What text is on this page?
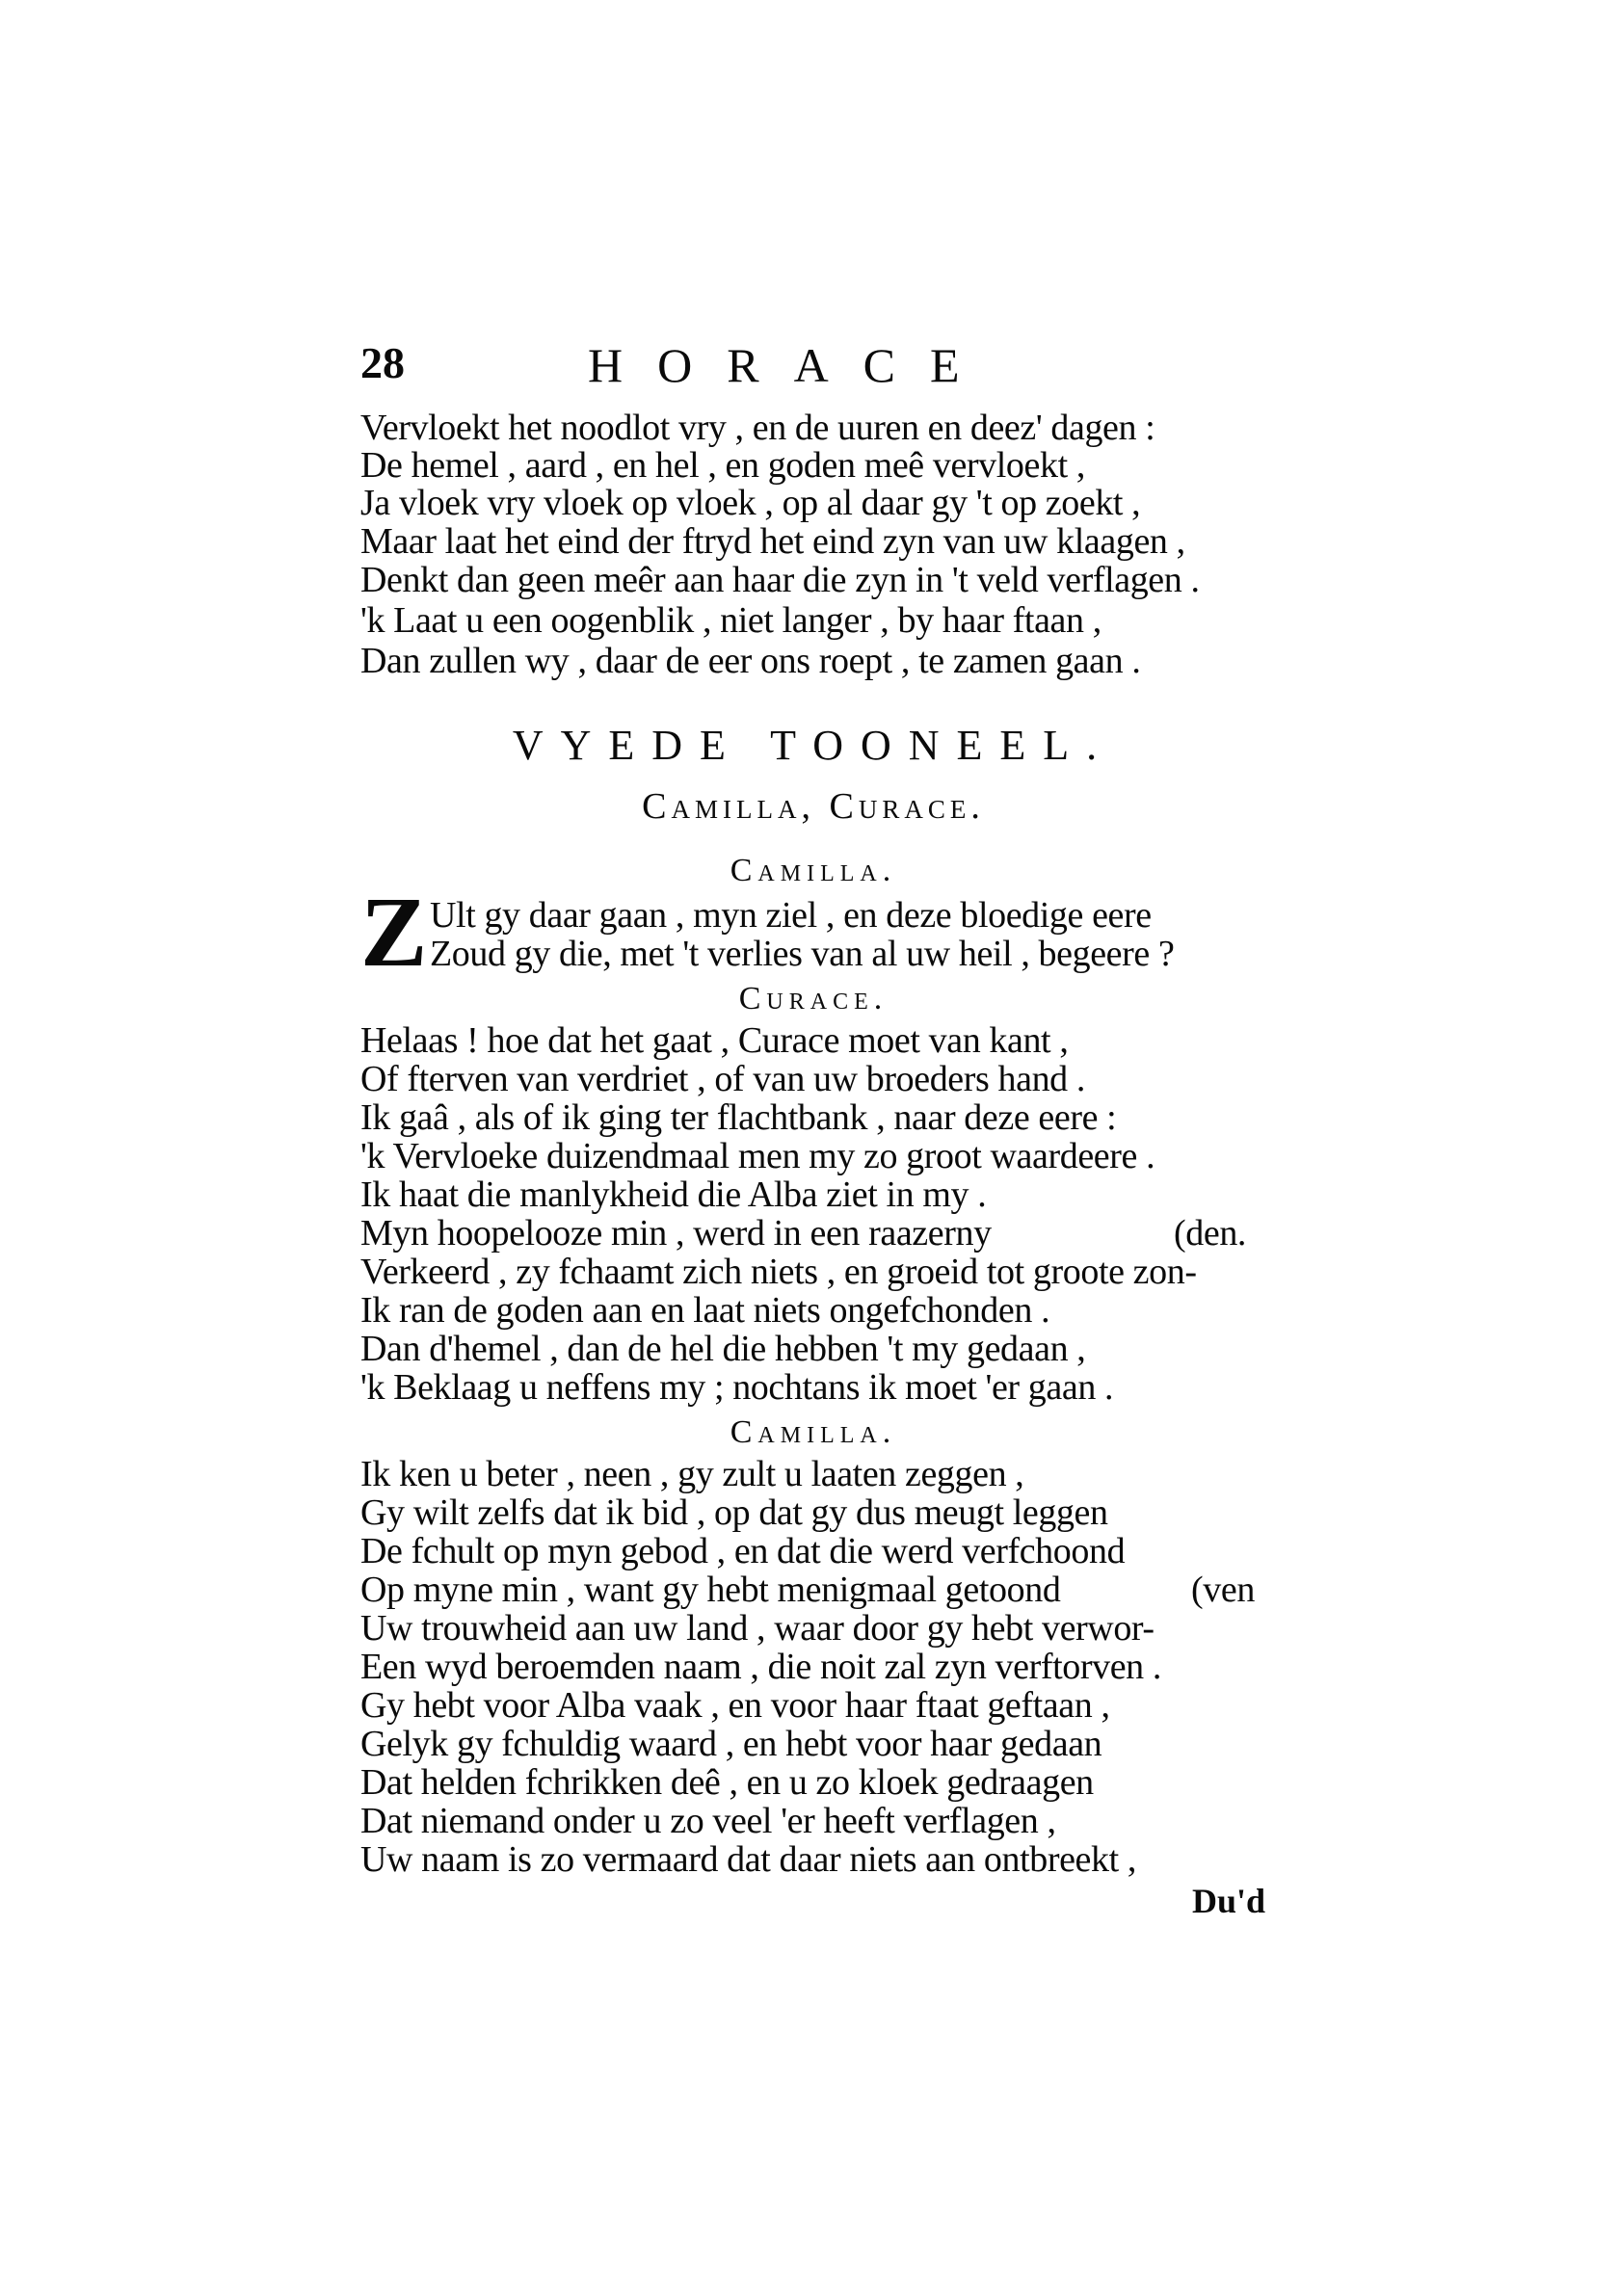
28	HORACE
Vervloekt het noodlot vry , en de uuren en deez' dagen :
De hemel , aard , en hel , en goden meê vervloekt ,
Ja vloek vry vloek op vloek , op al daar gy 't op zoekt ,
Maar laat het eind der ftryd het eind zyn van uw klaagen ,
Denkt dan geen meêr aan haar die zyn in 't veld verflagen .
'k Laat u een oogenblik , niet langer , by haar ftaan ,
Dan zullen wy , daar de eer ons roept , te zamen gaan .
VYEDE TOONEEL.
Camilla, Curace.
Camilla.
Z Ult gy daar gaan , myn ziel , en deze bloedige eere
Zoud gy die, met 't verlies van al uw heil , begeere ?
Curace.
Helaas ! hoe dat het gaat , Curace moet van kant ,
Of fterven van verdriet , of van uw broeders hand .
Ik gaâ , als of ik ging ter flachtbank , naar deze eere :
'k Vervloeke duizendmaal men my zo groot waardeere .
Ik haat die manlykheid die Alba ziet in my .
Myn hoopelooze min , werd in een raazerny	(den.
Verkeerd , zy fchaamt zich niets , en groeid tot groote zon-
Ik ran de goden aan en laat niets ongefchonden .
Dan d'hemel , dan de hel die hebben 't my gedaan ,
'k Beklaag u neffens my ; nochtans ik moet 'er gaan .
Camilla.
Ik ken u beter , neen , gy zult u laaten zeggen ,
Gy wilt zelfs dat ik bid , op dat gy dus meugt leggen
De fchult op myn gebod , en dat die werd verfchoond
Op myne min , want gy hebt menigmaal getoond	(ven
Uw trouwheid aan uw land , waar door gy hebt verwor-
Een wyd beroemden naam , die noit zal zyn verftorven .
Gy hebt voor Alba vaak , en voor haar ftaat geftaan ,
Gelyk gy fchuldig waard , en hebt voor haar gedaan
Dat helden fchrikken deê , en u zo kloek gedraagen
Dat niemand onder u zo veel 'er heeft verflagen ,
Uw naam is zo vermaard dat daar niets aan ontbreekt ,
Du'd
